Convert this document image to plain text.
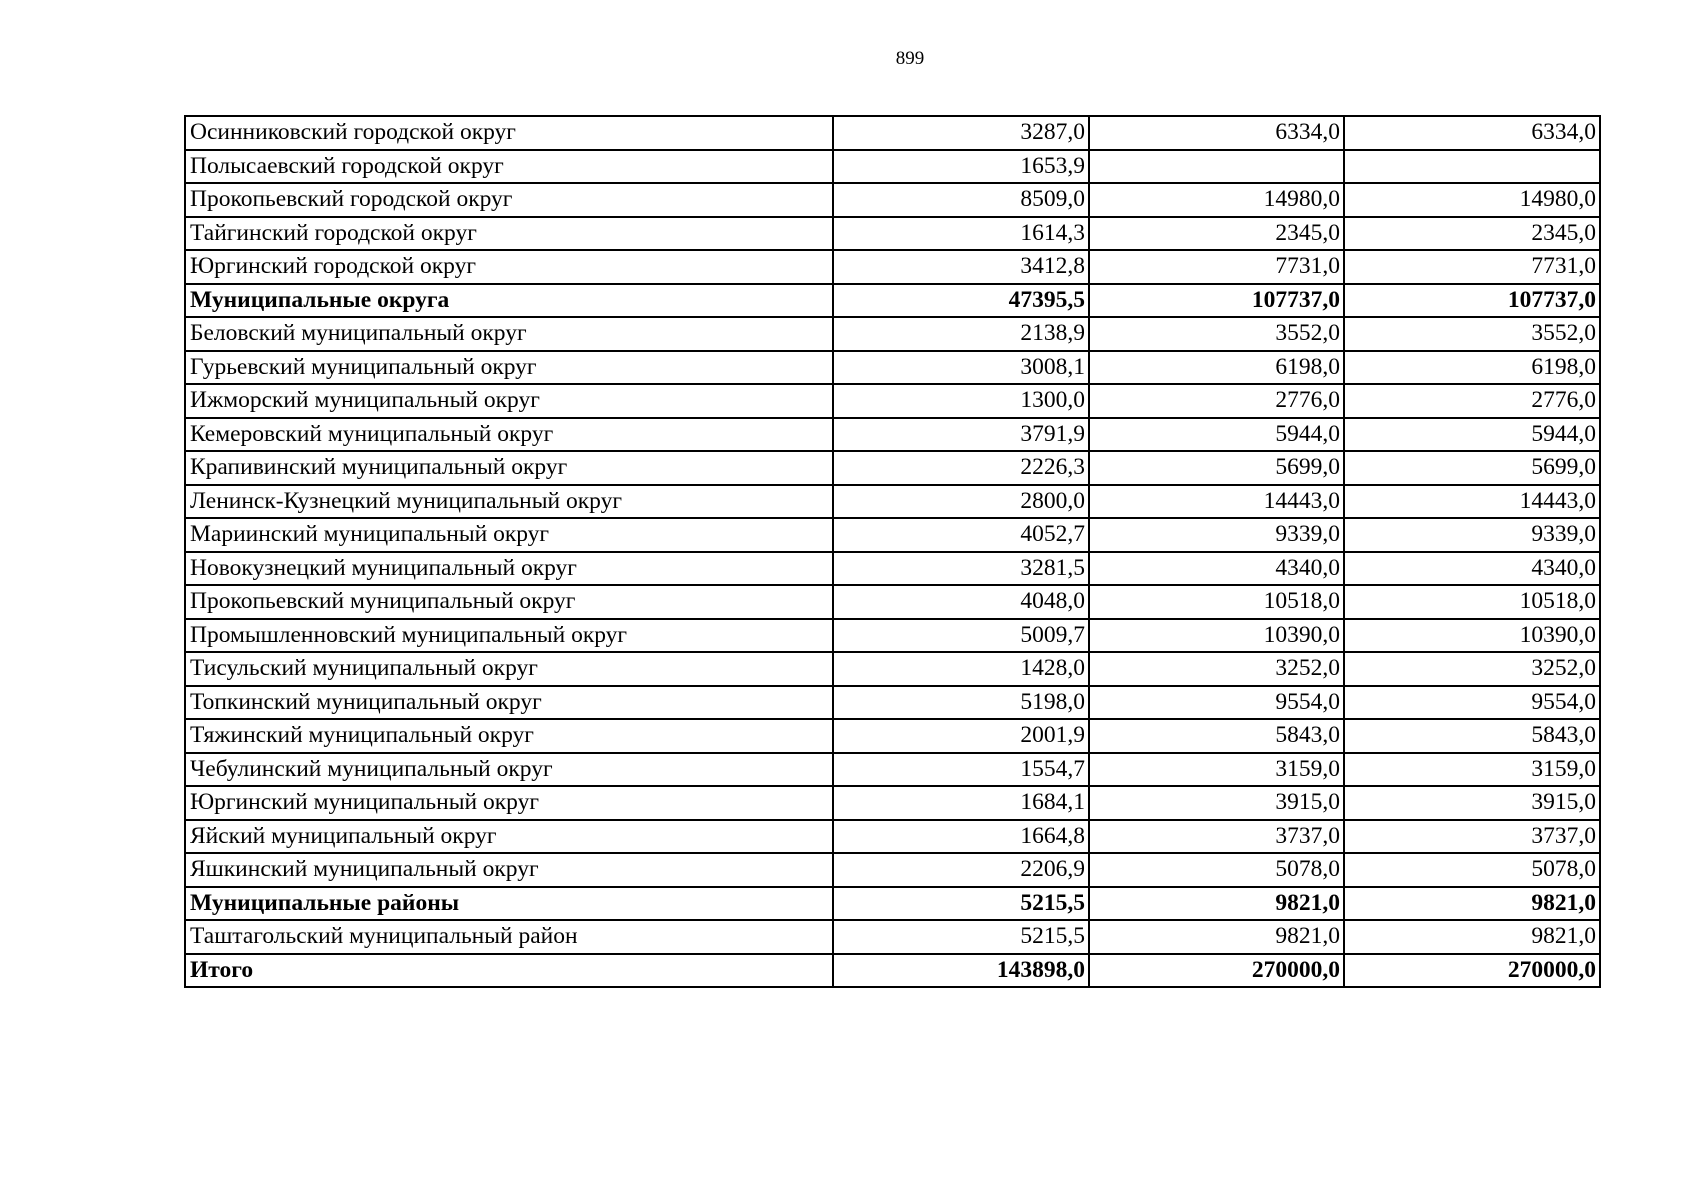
899
Осинниковский городской округ	3287,0	6334,0	6334,0
Полысаевский городской округ	1653,9		
Прокопьевский городской округ	8509,0	14980,0	14980,0
Тайгинский городской округ	1614,3	2345,0	2345,0
Юргинский городской округ	3412,8	7731,0	7731,0
Муниципальные округа	47395,5	107737,0	107737,0
Беловский муниципальный округ	2138,9	3552,0	3552,0
Гурьевский муниципальный округ	3008,1	6198,0	6198,0
Ижморский муниципальный округ	1300,0	2776,0	2776,0
Кемеровский муниципальный округ	3791,9	5944,0	5944,0
Крапивинский муниципальный округ	2226,3	5699,0	5699,0
Ленинск-Кузнецкий муниципальный округ	2800,0	14443,0	14443,0
Мариинский муниципальный округ	4052,7	9339,0	9339,0
Новокузнецкий муниципальный округ	3281,5	4340,0	4340,0
Прокопьевский муниципальный округ	4048,0	10518,0	10518,0
Промышленновский муниципальный округ	5009,7	10390,0	10390,0
Тисульский муниципальный округ	1428,0	3252,0	3252,0
Топкинский муниципальный округ	5198,0	9554,0	9554,0
Тяжинский муниципальный округ	2001,9	5843,0	5843,0
Чебулинский муниципальный округ	1554,7	3159,0	3159,0
Юргинский муниципальный округ	1684,1	3915,0	3915,0
Яйский муниципальный округ	1664,8	3737,0	3737,0
Яшкинский муниципальный округ	2206,9	5078,0	5078,0
Муниципальные районы	5215,5	9821,0	9821,0
Таштагольский муниципальный район	5215,5	9821,0	9821,0
Итого	143898,0	270000,0	270000,0
